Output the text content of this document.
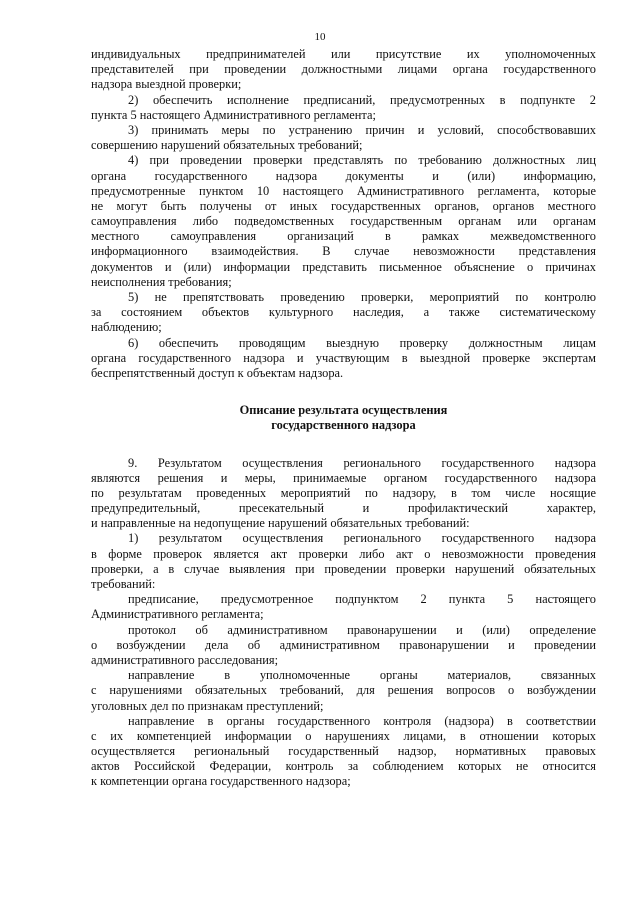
10
индивидуальных предпринимателей или присутствие их уполномоченных
представителей при проведении должностными лицами органа государственного
надзора выездной проверки;
2) обеспечить исполнение предписаний, предусмотренных в подпункте 2
пункта 5 настоящего Административного регламента;
3) принимать меры по устранению причин и условий, способствовавших
совершению нарушений обязательных требований;
4) при проведении проверки представлять по требованию должностных лиц
органа государственного надзора документы и (или) информацию,
предусмотренные пунктом 10 настоящего Административного регламента, которые
не могут быть получены от иных государственных органов, органов местного
самоуправления либо подведомственных государственным органам или органам
местного самоуправления организаций в рамках межведомственного
информационного взаимодействия. В случае невозможности представления
документов и (или) информации представить письменное объяснение о причинах
неисполнения требования;
5) не препятствовать проведению проверки, мероприятий по контролю
за состоянием объектов культурного наследия, а также систематическому
наблюдению;
6) обеспечить проводящим выездную проверку должностным лицам
органа государственного надзора и участвующим в выездной проверке экспертам
беспрепятственный доступ к объектам надзора.
Описание результата осуществления
государственного надзора
9. Результатом осуществления регионального государственного надзора
являются решения и меры, принимаемые органом государственного надзора
по результатам проведенных мероприятий по надзору, в том числе носящие
предупредительный, пресекательный и профилактический характер,
и направленные на недопущение нарушений обязательных требований:
1) результатом осуществления регионального государственного надзора
в форме проверок является акт проверки либо акт о невозможности проведения
проверки, а в случае выявления при проведении проверки нарушений обязательных
требований:
предписание, предусмотренное подпунктом 2 пункта 5 настоящего
Административного регламента;
протокол об административном правонарушении и (или) определение
о возбуждении дела об административном правонарушении и проведении
административного расследования;
направление в уполномоченные органы материалов, связанных
с нарушениями обязательных требований, для решения вопросов о возбуждении
уголовных дел по признакам преступлений;
направление в органы государственного контроля (надзора) в соответствии
с их компетенцией информации о нарушениях лицами, в отношении которых
осуществляется региональный государственный надзор, нормативных правовых
актов Российской Федерации, контроль за соблюдением которых не относится
к компетенции органа государственного надзора;
